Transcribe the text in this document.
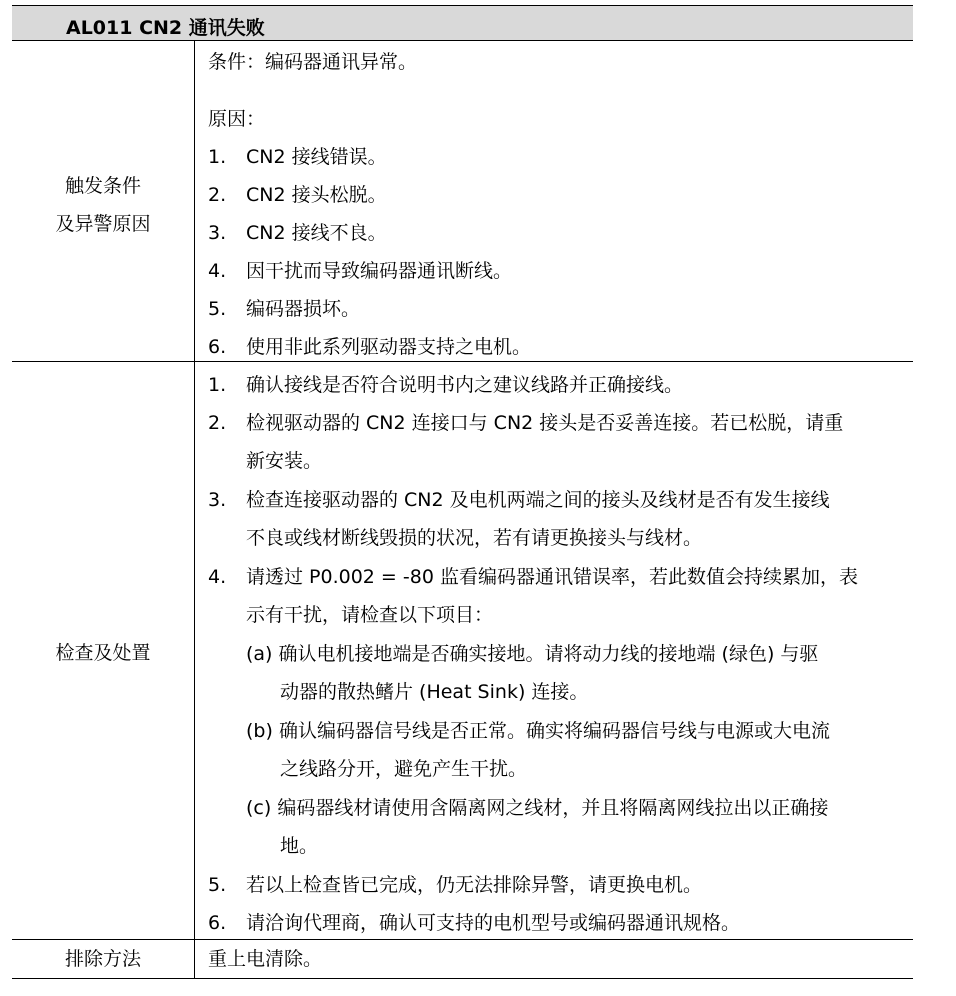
AL011 CN2 通讯失败
触发条件
及异警原因
条件：编码器通讯异常。
原因：
1. CN2 接线错误。
2. CN2 接头松脱。
3. CN2 接线不良。
4. 因干扰而导致编码器通讯断线。
5. 编码器损坏。
6. 使用非此系列驱动器支持之电机。
检查及处置
1. 确认接线是否符合说明书内之建议线路并正确接线。
2. 检视驱动器的 CN2 连接口与 CN2 接头是否妥善连接。若已松脱，请重
新安装。
3. 检查连接驱动器的 CN2 及电机两端之间的接头及线材是否有发生接线
不良或线材断线毁损的状况，若有请更换接头与线材。
4. 请透过 P0.002 = -80 监看编码器通讯错误率，若此数值会持续累加，表
示有干扰，请检查以下项目：
(a) 确认电机接地端是否确实接地。请将动力线的接地端 (绿色) 与驱
动器的散热鳍片 (Heat Sink) 连接。
(b) 确认编码器信号线是否正常。确实将编码器信号线与电源或大电流
之线路分开，避免产生干扰。
(c) 编码器线材请使用含隔离网之线材，并且将隔离网线拉出以正确接
地。
5. 若以上检查皆已完成，仍无法排除异警，请更换电机。
6. 请洽询代理商，确认可支持的电机型号或编码器通讯规格。
排除方法	重上电清除。
